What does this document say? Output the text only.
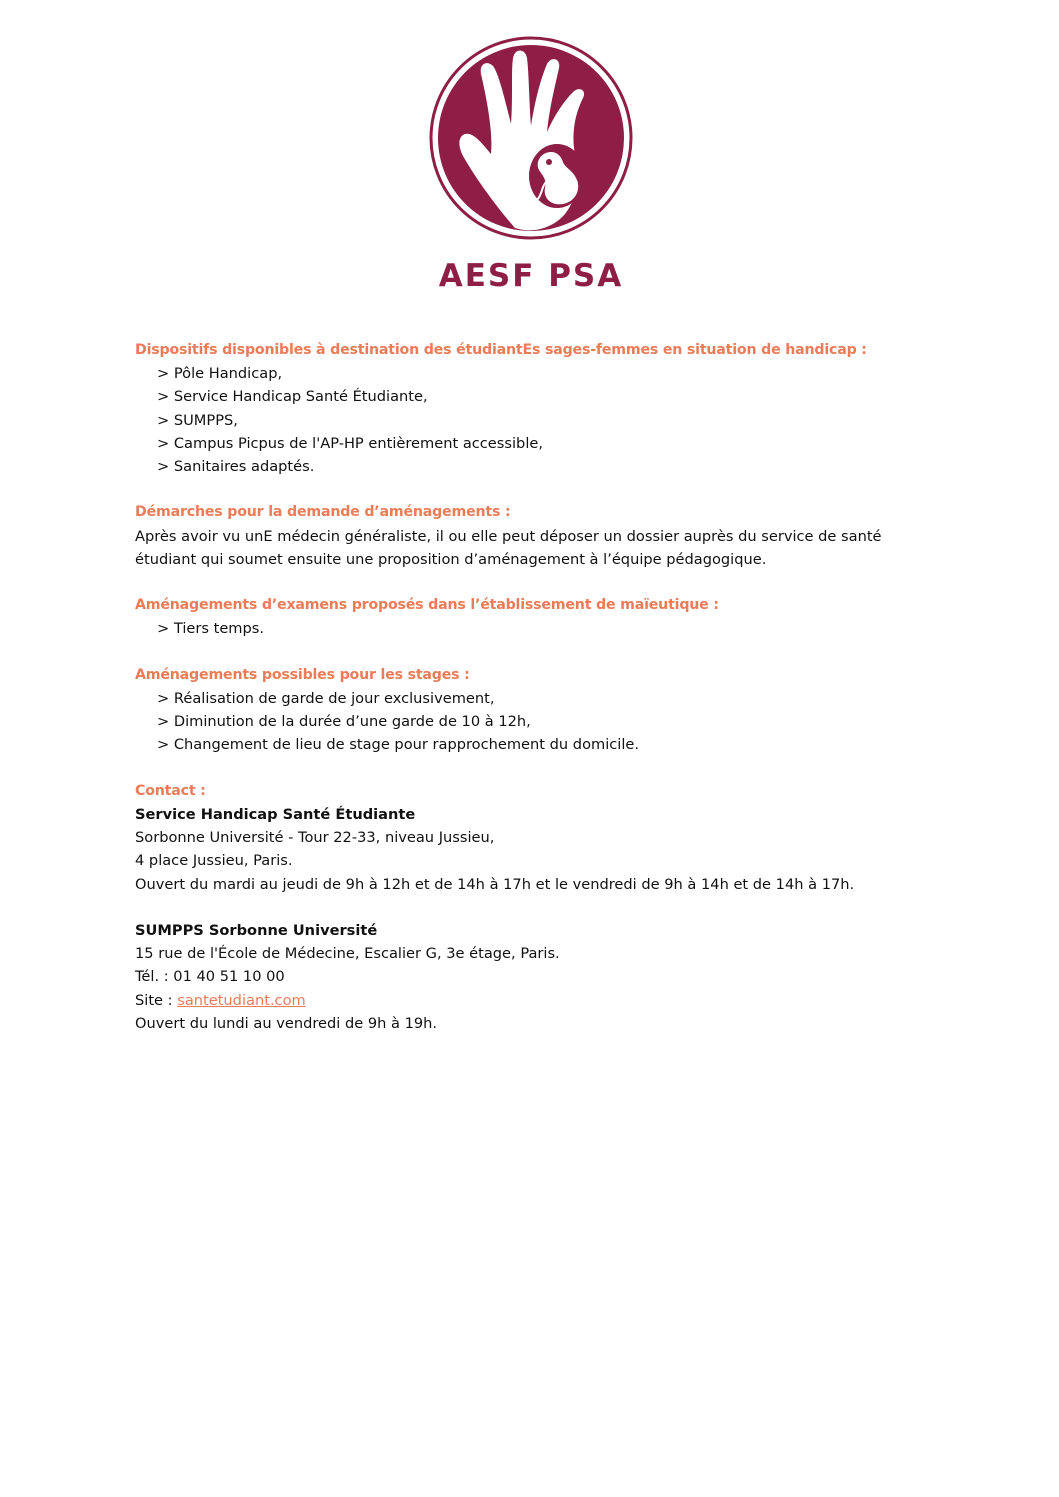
AESF PSA
Dispositifs disponibles à destination des étudiantEs sages-femmes en situation de handicap :
> Pôle Handicap,
> Service Handicap Santé Étudiante,
> SUMPPS,
> Campus Picpus de l'AP-HP entièrement accessible,
> Sanitaires adaptés.
Démarches pour la demande d’aménagements :
Après avoir vu unE médecin généraliste, il ou elle peut déposer un dossier auprès du service de santé
étudiant qui soumet ensuite une proposition d’aménagement à l’équipe pédagogique.
Aménagements d’examens proposés dans l’établissement de maïeutique :
> Tiers temps.
Aménagements possibles pour les stages :
> Réalisation de garde de jour exclusivement,
> Diminution de la durée d’une garde de 10 à 12h,
> Changement de lieu de stage pour rapprochement du domicile.
Contact :
Service Handicap Santé Étudiante
Sorbonne Université - Tour 22-33, niveau Jussieu,
4 place Jussieu, Paris.
Ouvert du mardi au jeudi de 9h à 12h et de 14h à 17h et le vendredi de 9h à 14h et de 14h à 17h.
SUMPPS Sorbonne Université
15 rue de l'École de Médecine, Escalier G, 3e étage, Paris.
Tél. : 01 40 51 10 00
Site : santetudiant.com
Ouvert du lundi au vendredi de 9h à 19h.
